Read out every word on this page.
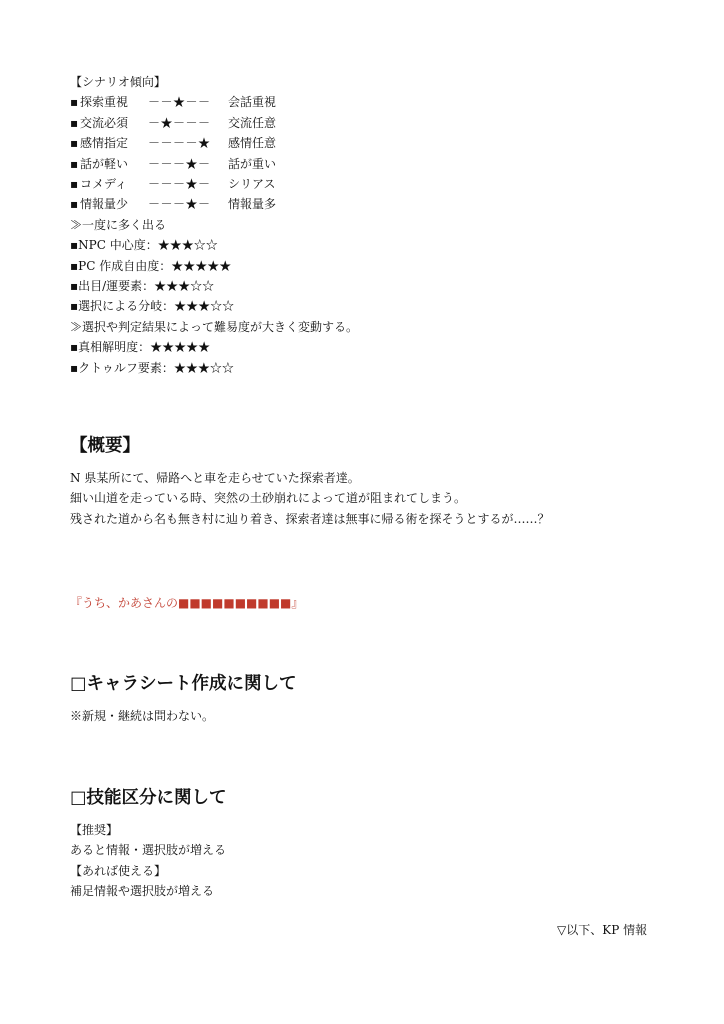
【シナリオ傾向】
▪ 探索重視 －－★－－ 会話重視
▪ 交流必須 －★－－－ 交流任意
▪ 感情指定 －－－－★ 感情任意
▪ 話が軽い －－－★－ 話が重い
▪ コメディ －－－★－ シリアス
▪ 情報量少 －－－★－ 情報量多
≫一度に多く出る
▪NPC 中心度：★★★☆☆
▪PC 作成自由度：★★★★★
▪出目/運要素：★★★☆☆
▪選択による分岐：★★★☆☆
≫選択や判定結果によって難易度が大きく変動する。
▪真相解明度：★★★★★
▪クトゥルフ要素：★★★☆☆
【概要】
N 県某所にて、帰路へと車を走らせていた探索者達。
細い山道を走っている時、突然の土砂崩れによって道が阻まれてしまう。
残された道から名も無き村に辿り着き、探索者達は無事に帰る術を探そうとするが……？
『うち、かあさんの■■■■■■■■■■』
□キャラシート作成に関して
※新規・継続は問わない。
□技能区分に関して
【推奨】
あると情報・選択肢が増える
【あれば使える】
補足情報や選択肢が増える
▽以下、KP 情報
